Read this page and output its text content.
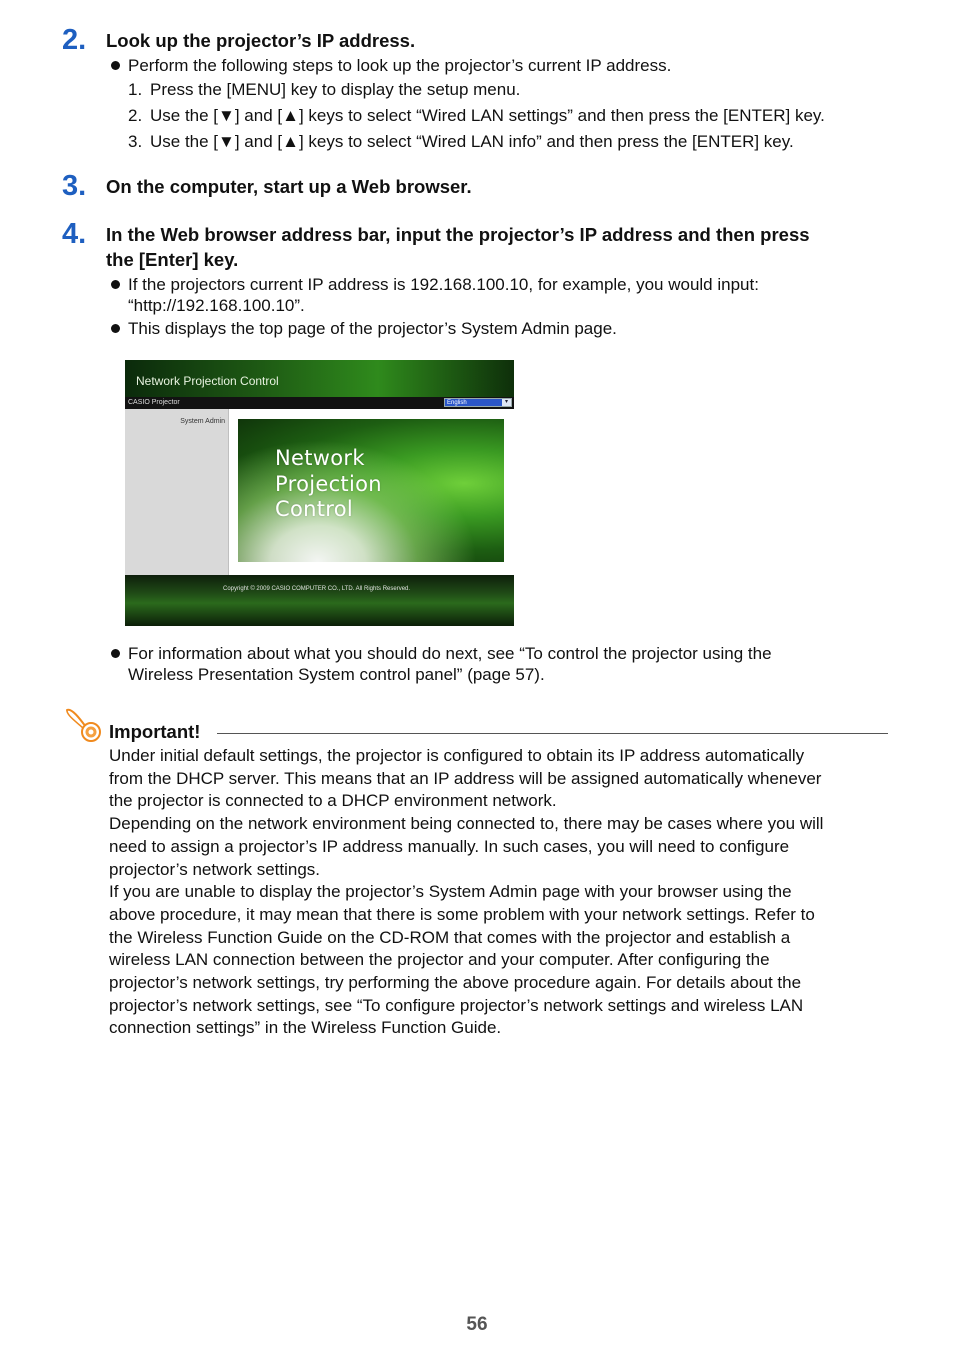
2. Look up the projector’s IP address.
Perform the following steps to look up the projector’s current IP address.
1. Press the [MENU] key to display the setup menu.
2. Use the [▼] and [▲] keys to select “Wired LAN settings” and then press the [ENTER] key.
3. Use the [▼] and [▲] keys to select “Wired LAN info” and then press the [ENTER] key.
3. On the computer, start up a Web browser.
4. In the Web browser address bar, input the projector’s IP address and then press
the [Enter] key.
If the projectors current IP address is 192.168.100.10, for example, you would input:
“http://192.168.100.10”.
This displays the top page of the projector’s System Admin page.
Network Projection Control
CASIO Projector	English	▾
System Admin
Network
Projection
Control
Copyright © 2009 CASIO COMPUTER CO., LTD. All Rights Reserved.
For information about what you should do next, see “To control the projector using the
Wireless Presentation System control panel” (page 57).
Important!
Under initial default settings, the projector is configured to obtain its IP address automatically
from the DHCP server. This means that an IP address will be assigned automatically whenever
the projector is connected to a DHCP environment network.
Depending on the network environment being connected to, there may be cases where you will
need to assign a projector’s IP address manually. In such cases, you will need to configure
projector’s network settings.
If you are unable to display the projector’s System Admin page with your browser using the
above procedure, it may mean that there is some problem with your network settings. Refer to
the Wireless Function Guide on the CD-ROM that comes with the projector and establish a
wireless LAN connection between the projector and your computer. After configuring the
projector’s network settings, try performing the above procedure again. For details about the
projector’s network settings, see “To configure projector’s network settings and wireless LAN
connection settings” in the Wireless Function Guide.
56
